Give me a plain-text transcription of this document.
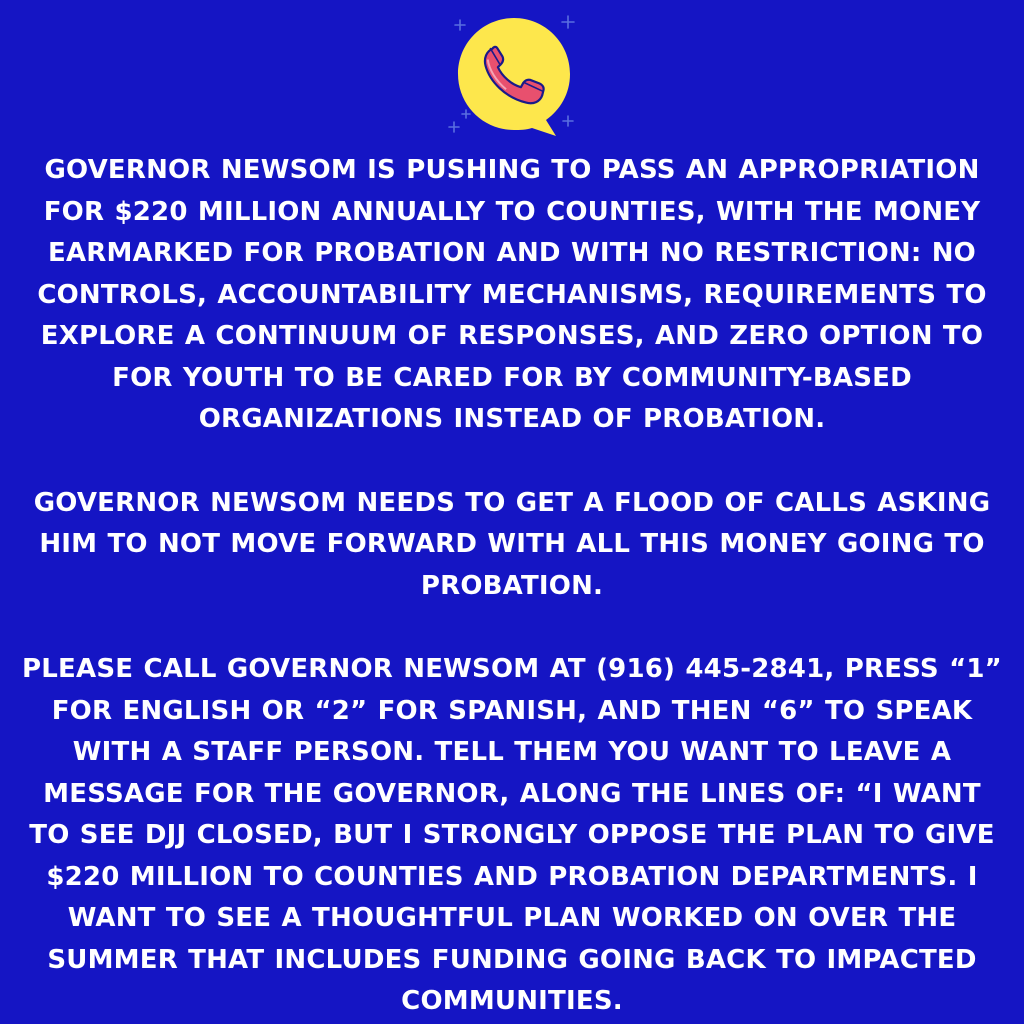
GOVERNOR NEWSOM IS PUSHING TO PASS AN APPROPRIATION FOR $220 MILLION ANNUALLY TO COUNTIES, WITH THE MONEY EARMARKED FOR PROBATION AND WITH NO RESTRICTION: NO CONTROLS, ACCOUNTABILITY MECHANISMS, REQUIREMENTS TO EXPLORE A CONTINUUM OF RESPONSES, AND ZERO OPTION TO FOR YOUTH TO BE CARED FOR BY COMMUNITY-BASED ORGANIZATIONS INSTEAD OF PROBATION.

GOVERNOR NEWSOM NEEDS TO GET A FLOOD OF CALLS ASKING HIM TO NOT MOVE FORWARD WITH ALL THIS MONEY GOING TO PROBATION.

PLEASE CALL GOVERNOR NEWSOM AT (916) 445-2841, PRESS “1” FOR ENGLISH OR “2” FOR SPANISH, AND THEN “6” TO SPEAK WITH A STAFF PERSON. TELL THEM YOU WANT TO LEAVE A MESSAGE FOR THE GOVERNOR, ALONG THE LINES OF: “I WANT TO SEE DJJ CLOSED, BUT I STRONGLY OPPOSE THE PLAN TO GIVE $220 MILLION TO COUNTIES AND PROBATION DEPARTMENTS. I WANT TO SEE A THOUGHTFUL PLAN WORKED ON OVER THE SUMMER THAT INCLUDES FUNDING GOING BACK TO IMPACTED COMMUNITIES.
